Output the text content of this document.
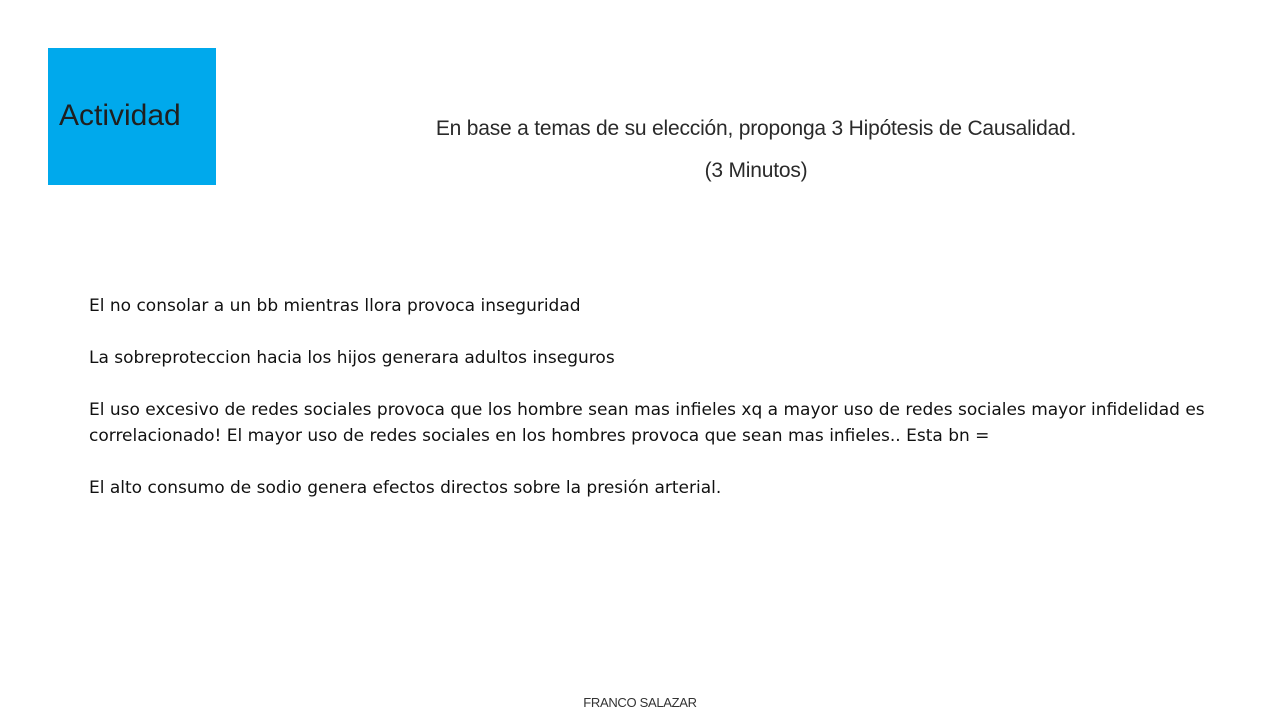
Actividad	En base a temas de su elección, proponga 3 Hipótesis de Causalidad.
(3 Minutos)

El no consolar a un bb mientras llora provoca inseguridad

La sobreproteccion hacia los hijos generara adultos inseguros

El uso excesivo de redes sociales provoca que los hombre sean mas infieles xq a mayor uso de redes sociales mayor infidelidad es correlacionado! El mayor uso de redes sociales en los hombres provoca que sean mas infieles.. Esta bn =

El alto consumo de sodio genera efectos directos sobre la presión arterial.

FRANCO SALAZAR
